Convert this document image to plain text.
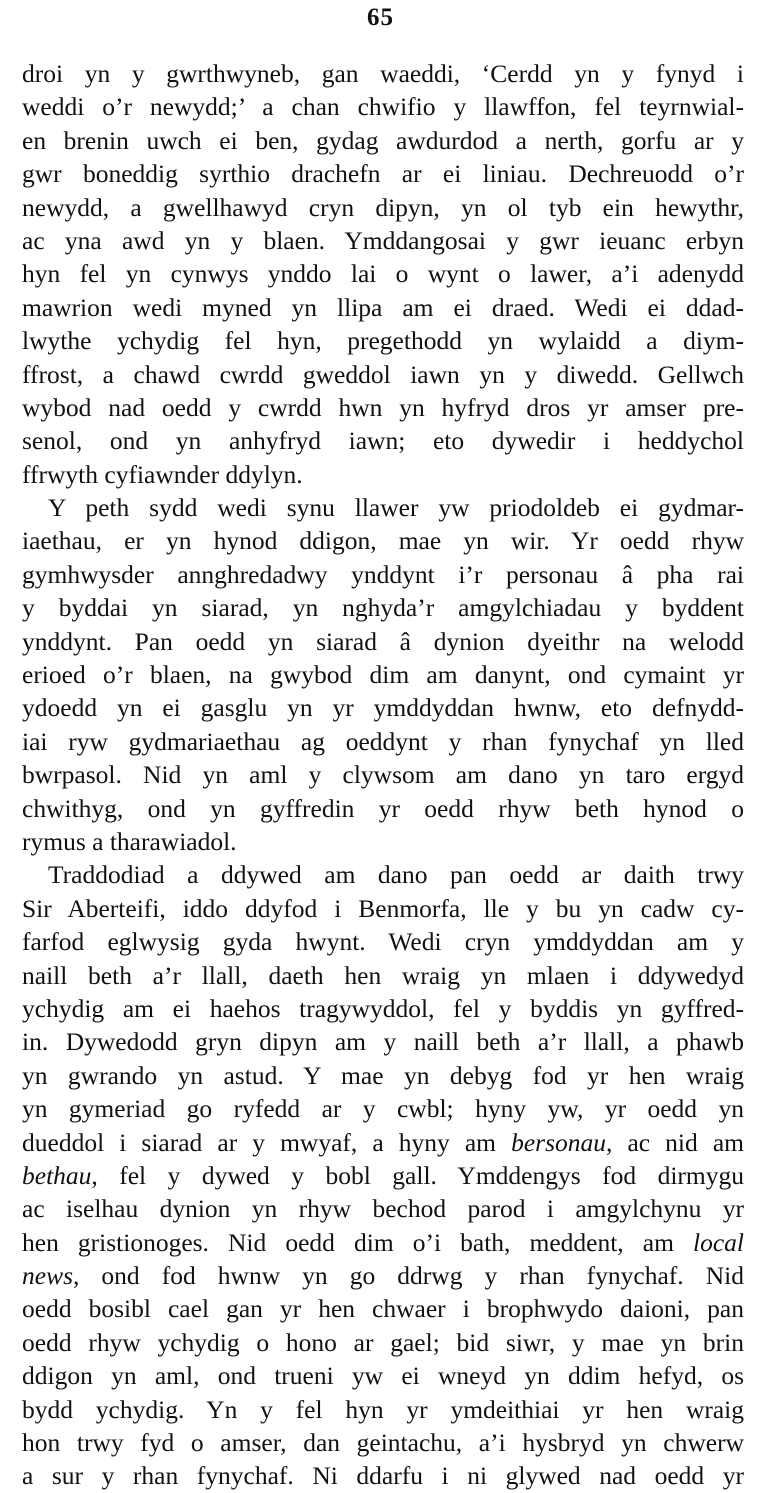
65
droi yn y gwrthwyneb, gan waeddi, ‘Cerdd yn y fynyd i
weddi o’r newydd;’ a chan chwifio y llawffon, fel teyrnwial-
en brenin uwch ei ben, gydag awdurdod a nerth, gorfu ar y
gwr boneddig syrthio drachefn ar ei liniau. Dechreuodd o’r
newydd, a gwellhawyd cryn dipyn, yn ol tyb ein hewythr,
ac yna awd yn y blaen. Ymddangosai y gwr ieuanc erbyn
hyn fel yn cynwys ynddo lai o wynt o lawer, a’i adenydd
mawrion wedi myned yn llipa am ei draed. Wedi ei ddad-
lwythe ychydig fel hyn, pregethodd yn wylaidd a diym-
ffrost, a chawd cwrdd gweddol iawn yn y diwedd. Gellwch
wybod nad oedd y cwrdd hwn yn hyfryd dros yr amser pre-
senol, ond yn anhyfryd iawn; eto dywedir i heddychol
ffrwyth cyfiawnder ddylyn.
Y peth sydd wedi synu llawer yw priodoldeb ei gydmar-
iaethau, er yn hynod ddigon, mae yn wir. Yr oedd rhyw
gymhwysder annghredadwy ynddynt i’r personau â pha rai
y byddai yn siarad, yn nghyda’r amgylchiadau y byddent
ynddynt. Pan oedd yn siarad â dynion dyeithr na welodd
erioed o’r blaen, na gwybod dim am danynt, ond cymaint yr
ydoedd yn ei gasglu yn yr ymddyddan hwnw, eto defnydd-
iai ryw gydmariaethau ag oeddynt y rhan fynychaf yn lled
bwrpasol. Nid yn aml y clywsom am dano yn taro ergyd
chwithyg, ond yn gyffredin yr oedd rhyw beth hynod o
rymus a tharawiadol.
Traddodiad a ddywed am dano pan oedd ar daith trwy
Sir Aberteifi, iddo ddyfod i Benmorfa, lle y bu yn cadw cy-
farfod eglwysig gyda hwynt. Wedi cryn ymddyddan am y
naill beth a’r llall, daeth hen wraig yn mlaen i ddywedyd
ychydig am ei haehos tragywyddol, fel y byddis yn gyffred-
in. Dywedodd gryn dipyn am y naill beth a’r llall, a phawb
yn gwrando yn astud. Y mae yn debyg fod yr hen wraig
yn gymeriad go ryfedd ar y cwbl; hyny yw, yr oedd yn
dueddol i siarad ar y mwyaf, a hyny am bersonau, ac nid am
bethau, fel y dywed y bobl gall. Ymddengys fod dirmygu
ac iselhau dynion yn rhyw bechod parod i amgylchynu yr
hen gristionoges. Nid oedd dim o’i bath, meddent, am local
news, ond fod hwnw yn go ddrwg y rhan fynychaf. Nid
oedd bosibl cael gan yr hen chwaer i brophwydo daioni, pan
oedd rhyw ychydig o hono ar gael; bid siwr, y mae yn brin
ddigon yn aml, ond trueni yw ei wneyd yn ddim hefyd, os
bydd ychydig. Yn y fel hyn yr ymdeithiai yr hen wraig
hon trwy fyd o amser, dan geintachu, a’i hysbryd yn chwerw
a sur y rhan fynychaf. Ni ddarfu i ni glywed nad oedd yr
